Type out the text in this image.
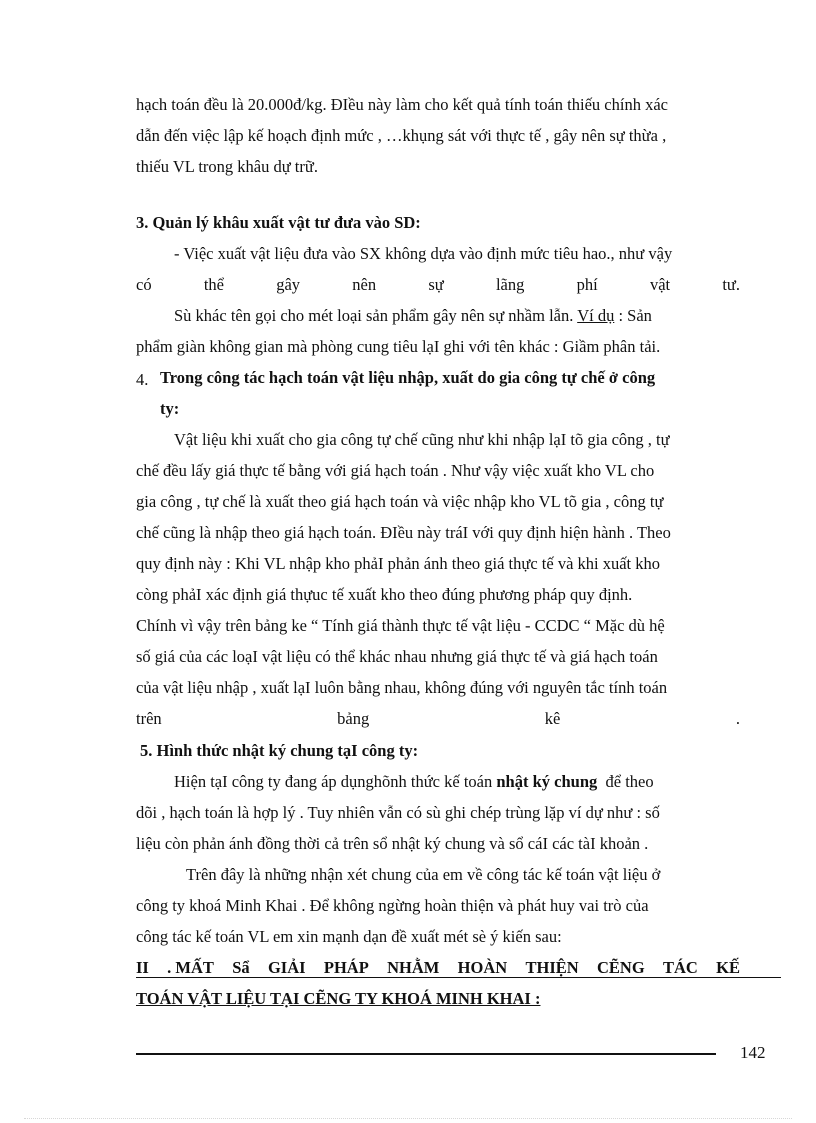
hạch toán đều là 20.000đ/kg. ĐIều này làm cho kết quả tính toán thiếu chính xác
dẫn đến việc lập kế hoạch định mức , …khụng sát với thực tế , gây nên sự thừa ,
thiếu VL trong khâu dự trữ.
3. Quản lý khâu xuất vật tư đưa vào SD:
- Việc xuất vật liệu đưa vào SX không dựa vào định mức tiêu hao., như vậy
có	thể	gây	nên	sự	lãng	phí	vật	tư.
Sù khác tên gọi cho mét loại sản phẩm gây nên sự nhầm lẫn. Ví dụ : Sản
phẩm giàn không gian mà phòng cung tiêu lạI ghi với tên khác : Giầm phân tải.
4. Trong công tác hạch toán vật liệu nhập, xuất do gia công tự chế ở công
ty:
Vật liệu khi xuất cho gia công tự chế cũng như khi nhập lạI tõ gia công , tự
chế đều lấy giá thực tế bằng với giá hạch toán . Như vậy việc xuất kho VL cho
gia công , tự chế là xuất theo giá hạch toán và việc nhập kho VL tõ gia , công tự
chế cũng là nhập theo giá hạch toán. ĐIều này tráI với quy định hiện hành . Theo
quy định này : Khi VL nhập kho phảI phản ánh theo giá thực tế và khi xuất kho
còng phảI xác định giá thựuc tế xuất kho theo đúng phương pháp quy định.
Chính vì vậy trên bảng ke “ Tính giá thành thực tế vật liệu - CCDC “ Mặc dù hệ
số giá của các loạI vật liệu có thể khác nhau nhưng giá thực tế và giá hạch toán
của vật liệu nhập , xuất lạI luôn bằng nhau, không đúng với nguyên tắc tính toán
trên	bảng	kê	.
5. Hình thức nhật ký chung tạI công ty:
Hiện tạI công ty đang áp dụnghõnh thức kế toán nhật ký chung để theo
dõi , hạch toán là hợp lý . Tuy nhiên vẫn có sù ghi chép trùng lặp ví dự như : số
liệu còn phản ánh đồng thời cả trên sổ nhật ký chung và sổ cáI các tàI khoản .
Trên đây là những nhận xét chung của em về công tác kế toán vật liệu ở
công ty khoá Minh Khai . Để không ngừng hoàn thiện và phát huy vai trò của
công tác kế toán VL em xin mạnh dạn đề xuất mét sè ý kiến sau:
II . MẤT Sẩ GIẢI PHÁP NHẰM HOÀN THIỆN CẼNG TÁC KẾ
TOÁN VẬT LIỆU TẠI CẼNG TY KHOÁ MINH KHAI :
142
